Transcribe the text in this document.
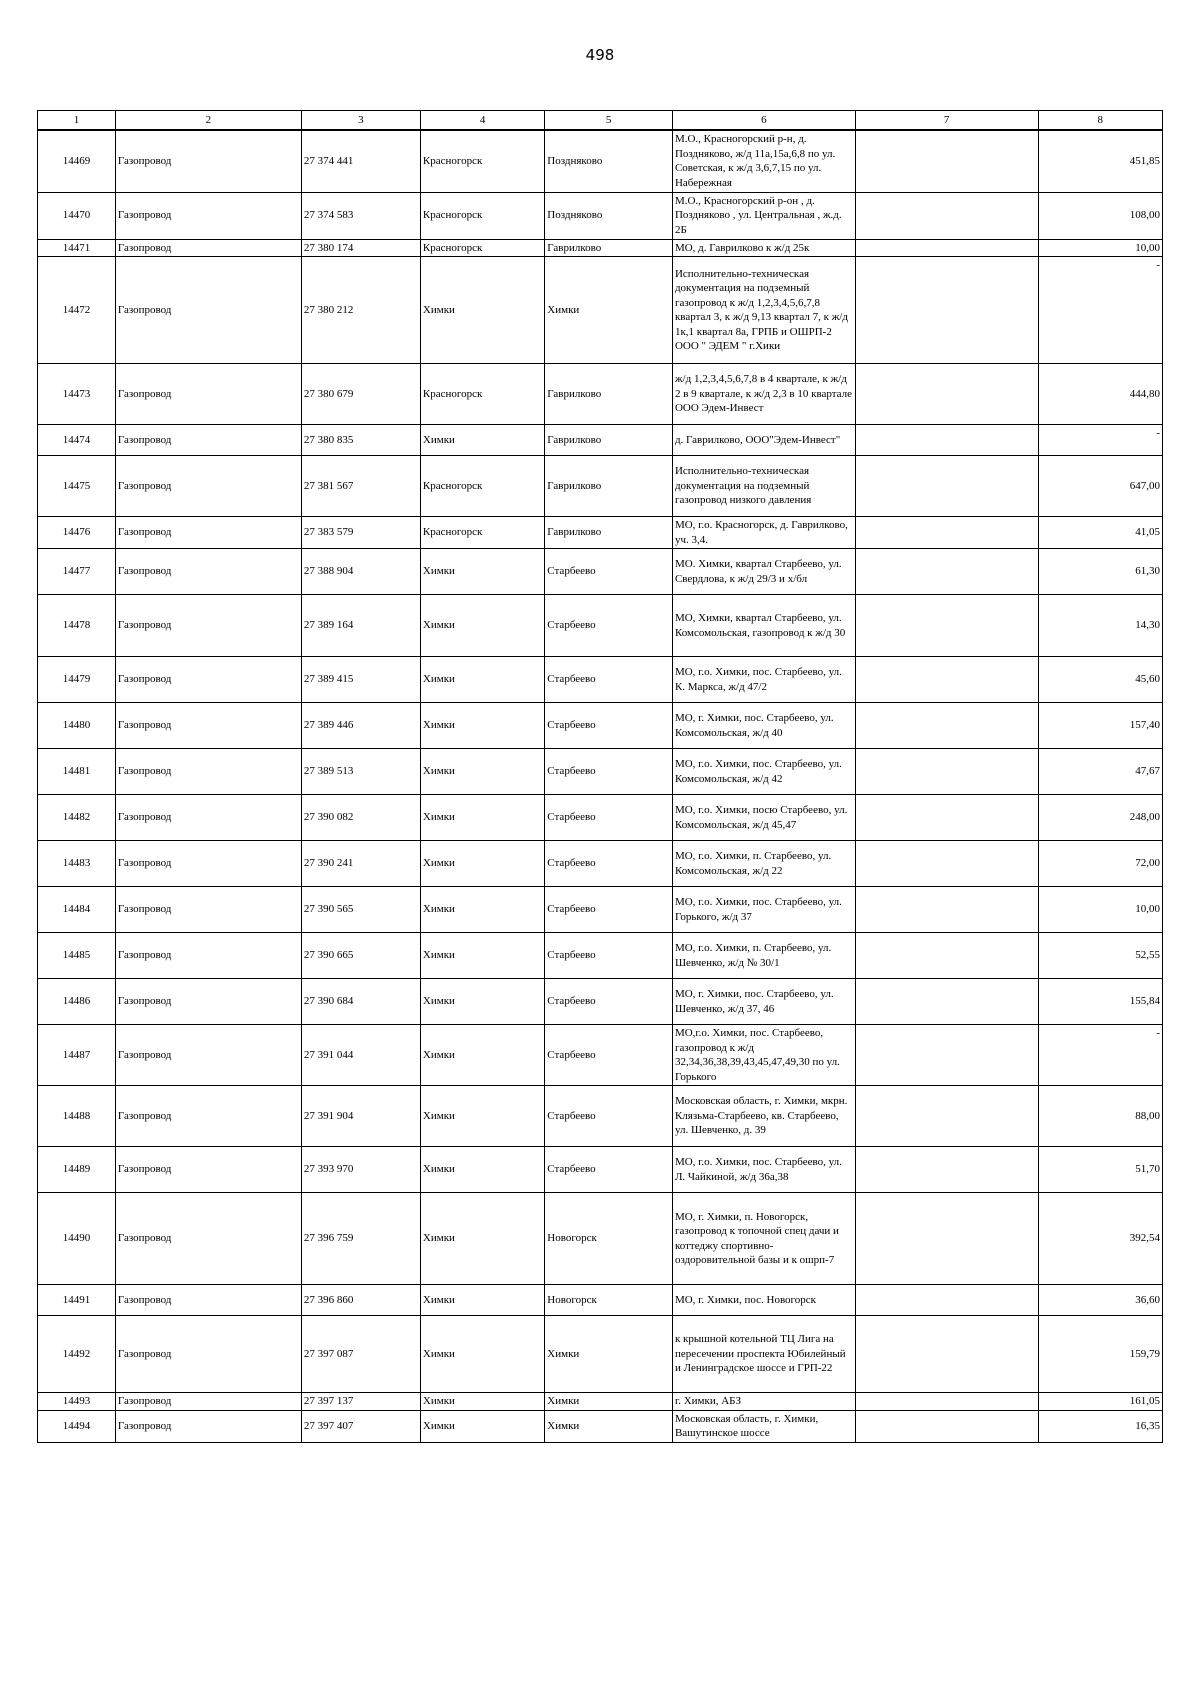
498
1	2	3	4	5	6	7	8
14469	Газопровод	27 374 441	Красногорск	Поздняково	М.О., Красногорский р-н, д. Поздняково, ж/д 11а,15а,6,8 по ул. Советская, к ж/д 3,6,7,15 по ул. Набережная		451,85
14470	Газопровод	27 374 583	Красногорск	Поздняково	М.О., Красногорский р-он , д. Поздняково , ул. Центральная , ж.д. 2Б		108,00
14471	Газопровод	27 380 174	Красногорск	Гаврилково	МО, д. Гаврилково к ж/д 25к		10,00
14472	Газопровод	27 380 212	Химки	Химки	Исполнительно-техническая документация на подземный газопровод к ж/д 1,2,3,4,5,6,7,8 квартал 3, к ж/д 9,13 квартал 7, к ж/д 1к,1 квартал 8а, ГРПБ и ОШРП-2 ООО " ЭДЕМ " г.Хики		-
14473	Газопровод	27 380 679	Красногорск	Гаврилково	ж/д 1,2,3,4,5,6,7,8 в 4 квартале, к ж/д 2 в 9 квартале, к ж/д 2,3 в 10 квартале ООО Эдем-Инвест		444,80
14474	Газопровод	27 380 835	Химки	Гаврилково	д. Гаврилково, ООО"Эдем-Инвест"		-
14475	Газопровод	27 381 567	Красногорск	Гаврилково	Исполнительно-техническая документация на подземный газопровод низкого давления		647,00
14476	Газопровод	27 383 579	Красногорск	Гаврилково	МО, г.о. Красногорск, д. Гаврилково, уч. 3,4.		41,05
14477	Газопровод	27 388 904	Химки	Старбеево	МО. Химки, квартал Старбеево, ул. Свердлова, к ж/д 29/3 и х/бл		61,30
14478	Газопровод	27 389 164	Химки	Старбеево	МО, Химки, квартал Старбеево, ул. Комсомольская, газопровод к ж/д 30		14,30
14479	Газопровод	27 389 415	Химки	Старбеево	МО, г.о. Химки, пос. Старбеево, ул. К. Маркса, ж/д 47/2		45,60
14480	Газопровод	27 389 446	Химки	Старбеево	МО, г. Химки, пос. Старбеево, ул. Комсомольская, ж/д 40		157,40
14481	Газопровод	27 389 513	Химки	Старбеево	МО, г.о. Химки, пос. Старбеево, ул. Комсомольская, ж/д 42		47,67
14482	Газопровод	27 390 082	Химки	Старбеево	МО, г.о. Химки, посю Старбеево, ул. Комсомольская, ж/д 45,47		248,00
14483	Газопровод	27 390 241	Химки	Старбеево	МО, г.о. Химки, п. Старбеево, ул. Комсомольская, ж/д 22		72,00
14484	Газопровод	27 390 565	Химки	Старбеево	МО, г.о. Химки, пос. Старбеево, ул. Горького, ж/д 37		10,00
14485	Газопровод	27 390 665	Химки	Старбеево	МО, г.о. Химки, п. Старбеево, ул. Шевченко, ж/д № 30/1		52,55
14486	Газопровод	27 390 684	Химки	Старбеево	МО, г. Химки, пос. Старбеево, ул. Шевченко, ж/д 37, 46		155,84
14487	Газопровод	27 391 044	Химки	Старбеево	МО,г.о. Химки, пос. Старбеево, газопровод к ж/д 32,34,36,38,39,43,45,47,49,30 по ул. Горького		-
14488	Газопровод	27 391 904	Химки	Старбеево	Московская область, г. Химки, мкрн. Клязьма-Старбеево, кв. Старбеево, ул. Шевченко, д. 39		88,00
14489	Газопровод	27 393 970	Химки	Старбеево	МО, г.о. Химки, пос. Старбеево, ул. Л. Чайкиной, ж/д 36а,38		51,70
14490	Газопровод	27 396 759	Химки	Новогорск	МО, г. Химки, п. Новогорск, газопровод к топочной спец дачи и коттеджу спортивно-оздоровительной базы и к ошрп-7		392,54
14491	Газопровод	27 396 860	Химки	Новогорск	МО, г. Химки, пос. Новогорск		36,60
14492	Газопровод	27 397 087	Химки	Химки	к крышной котельной ТЦ Лига на пересечении проспекта Юбилейный и Ленинградское шоссе и ГРП-22		159,79
14493	Газопровод	27 397 137	Химки	Химки	г. Химки, АБЗ		161,05
14494	Газопровод	27 397 407	Химки	Химки	Московская область, г. Химки, Вашутинское шоссе		16,35
